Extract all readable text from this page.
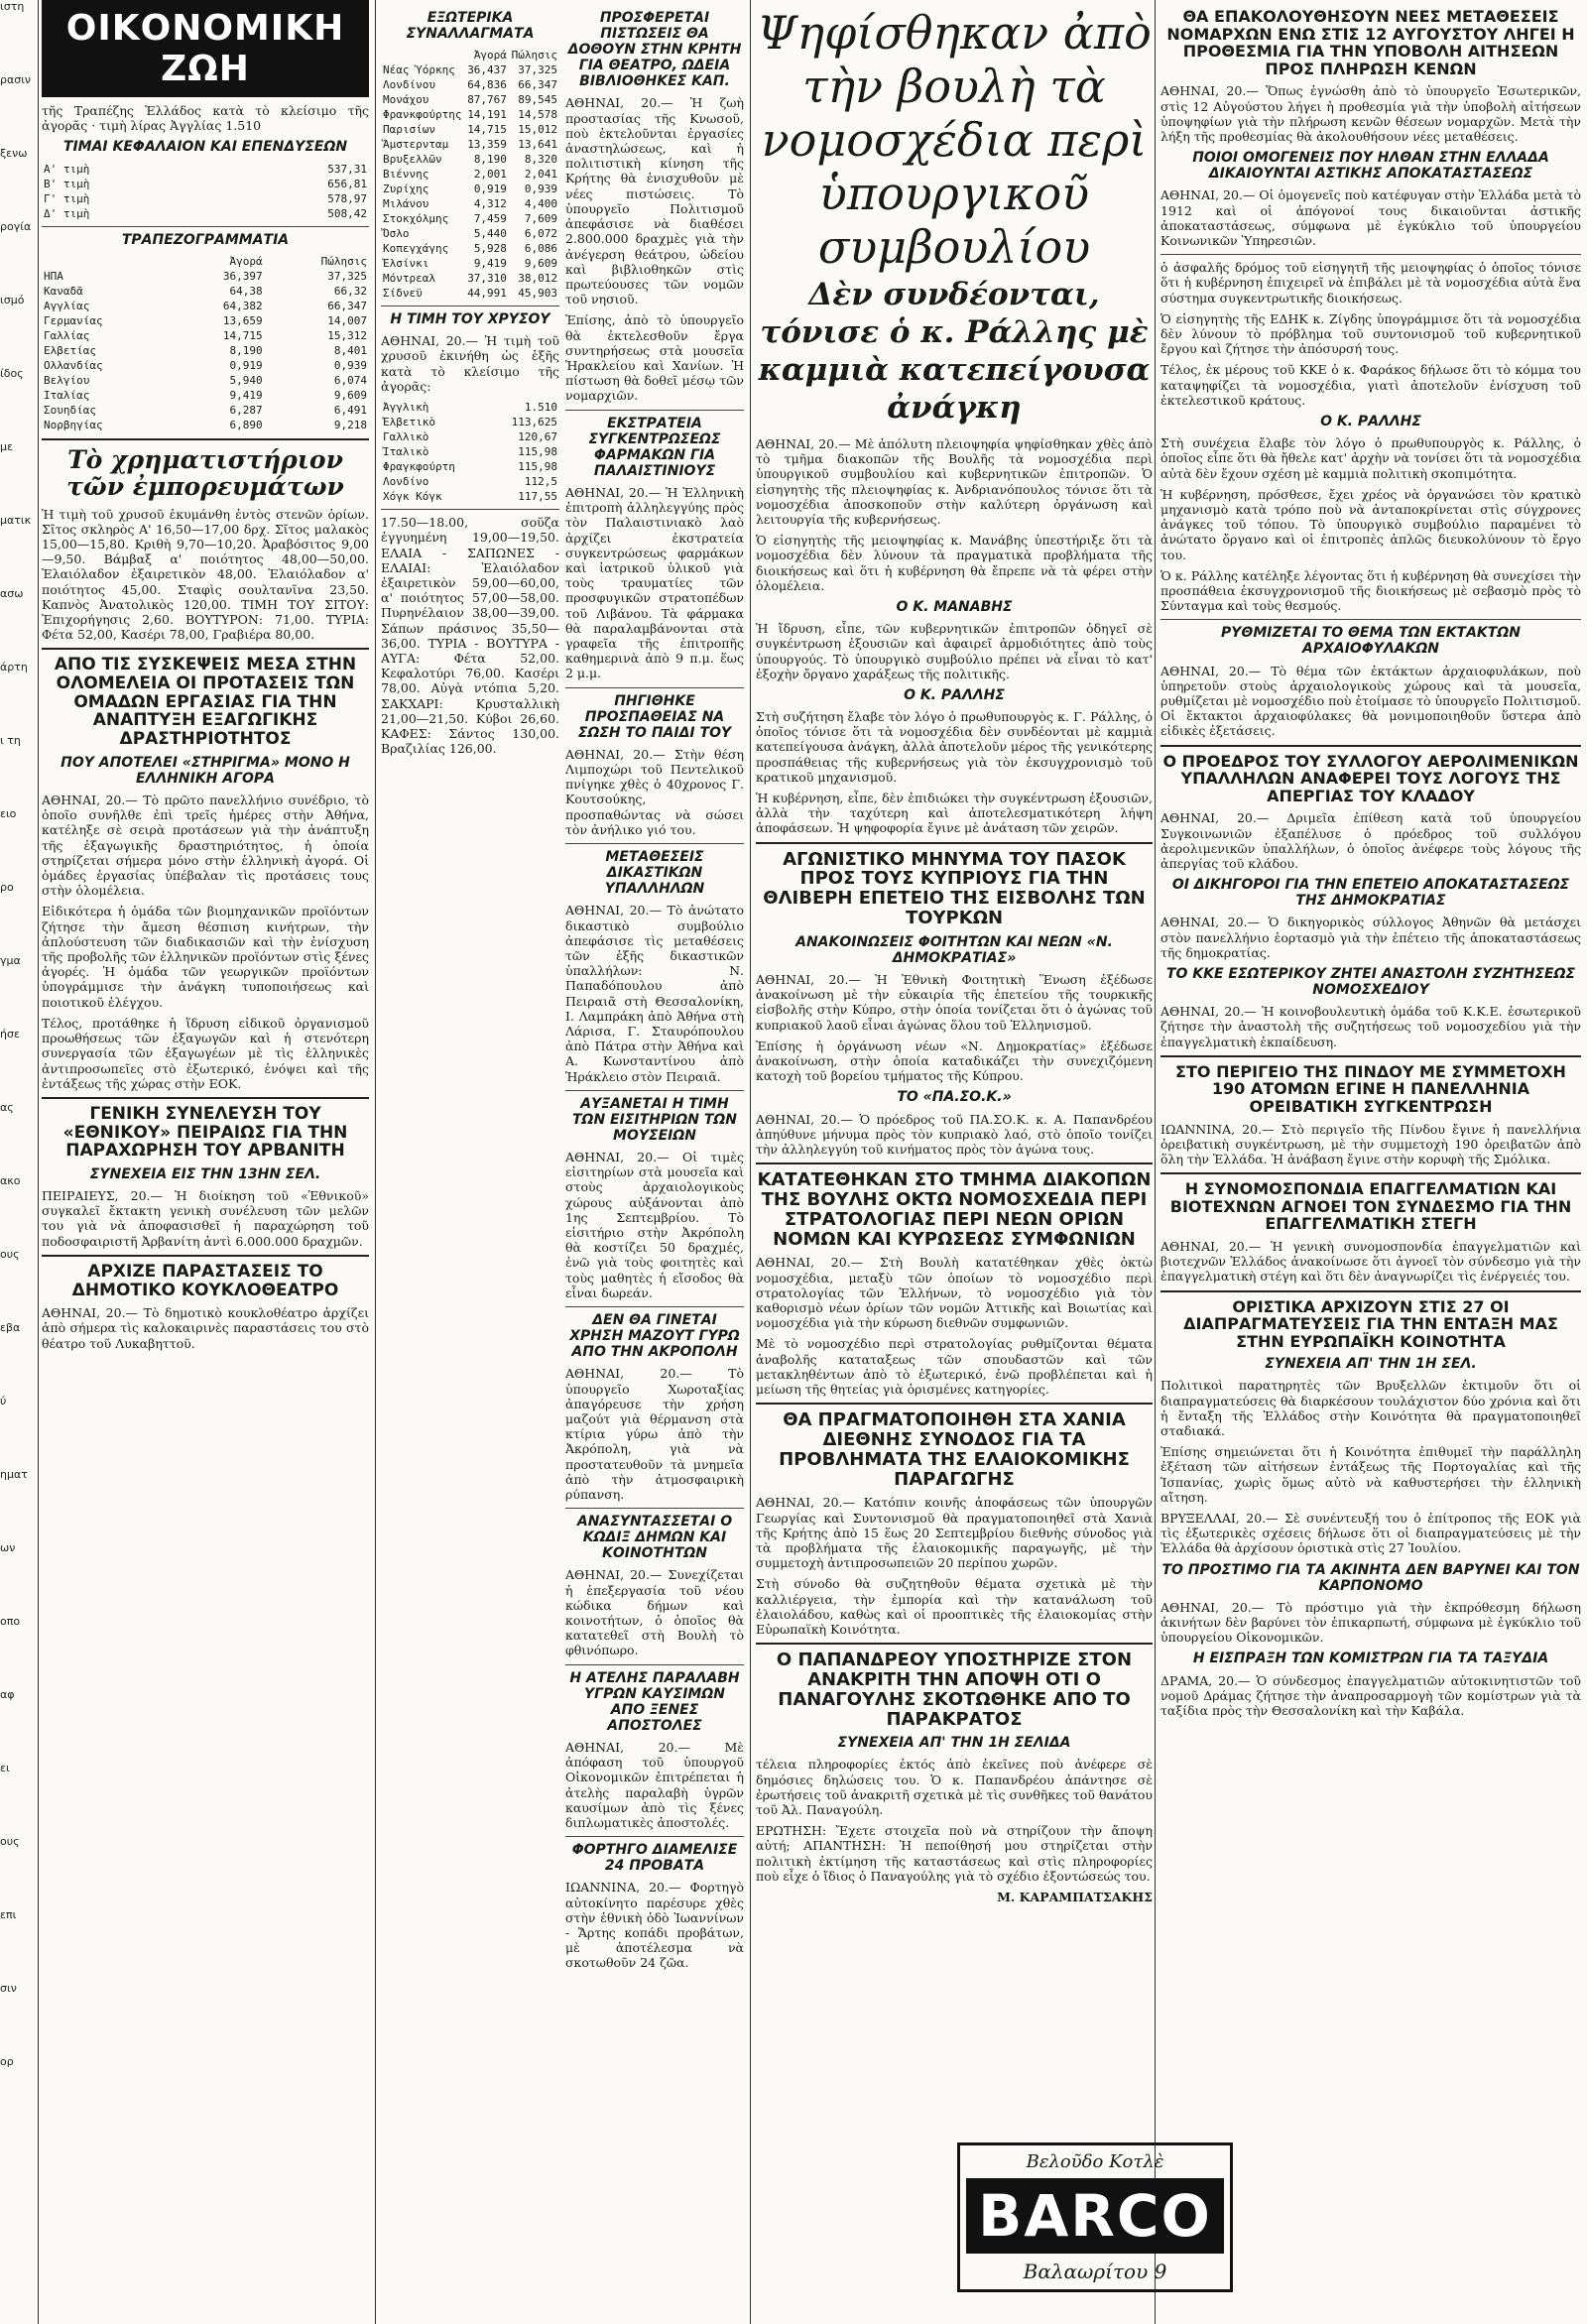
ιστη
ρασιν
ξενω
ρογία
ισμό
ίδος
με
ματικ
ασω
άρτη
ι τη
ειο
ρο
γμα
ήσε
ας
ακο
ους
εβα
ύ
ηματ
ων
οπο
αφ
ει
ους
επι
σιν
ορ
ΟΙΚΟΝΟΜΙΚΗ ΖΩΗ

τῆς Τραπέζης Ἑλλάδος κατὰ τὸ κλείσιμο τῆς ἀγορᾶς · τιμὴ λίρας Ἀγγλίας 1.510

ΤΙΜΑΙ ΚΕΦΑΛΑΙΟΝ ΚΑΙ ΕΠΕΝΔΥΣΕΩΝ
Α' τιμὴ	537,31
Β' τιμὴ	656,81
Γ' τιμὴ	578,97
Δ' τιμὴ	508,42
ΤΡΑΠΕΖΟΓΡΑΜΜΑΤΙΑ
	Ἀγορά	Πώλησις
ΗΠΑ	36,397	37,325
Καναδᾶ	64,38	66,32
Αγγλίας	64,382	66,347
Γερμανίας	13,659	14,007
Γαλλίας	14,715	15,312
Ελβετίας	8,190	8,401
Ολλανδίας	0,919	0,939
Βελγίου	5,940	6,074
Ιταλίας	9,419	9,609
Σουηδίας	6,287	6,491
Νορβηγίας	6,890	9,218
Τὸ χρηματιστήριον τῶν ἐμπορευμάτων

Ἡ τιμὴ τοῦ χρυσοῦ ἐκυμάνθη ἐντὸς στενῶν ὁρίων. Σῖτος σκληρὸς Α' 16,50—17,00 δρχ. Σῖτος μαλακὸς 15,00—15,80. Κριθὴ 9,70—10,20. Ἀραβόσιτος 9,00—9,50. Βάμβαξ α' ποιότητος 48,00—50,00. Ἐλαιόλαδον ἐξαιρετικὸν 48,00. Ἐλαιόλαδον α' ποιότητος 45,00. Σταφὶς σουλτανῖνα 23,50. Καπνὸς Ἀνατολικὸς 120,00. ΤΙΜΗ ΤΟΥ ΣΙΤΟΥ: Ἐπιχορήγησις 2,60. ΒΟΥΤΥΡΟΝ: 71,00. ΤΥΡΙΑ: Φέτα 52,00, Κασέρι 78,00, Γραβιέρα 80,00.

ΑΠΟ ΤΙΣ ΣΥΣΚΕΨΕΙΣ ΜΕΣΑ ΣΤΗΝ ΟΛΟΜΕΛΕΙΑ ΟΙ ΠΡΟΤΑΣΕΙΣ ΤΩΝ ΟΜΑΔΩΝ ΕΡΓΑΣΙΑΣ ΓΙΑ ΤΗΝ ΑΝΑΠΤΥΞΗ ΕΞΑΓΩΓΙΚΗΣ ΔΡΑΣΤΗΡΙΟΤΗΤΟΣ
ΠΟΥ ΑΠΟΤΕΛΕΙ «ΣΤΗΡΙΓΜΑ» ΜΟΝΟ Η ΕΛΛΗΝΙΚΗ ΑΓΟΡΑ

ΑΘΗΝΑΙ, 20.— Τὸ πρῶτο πανελλήνιο συνέδριο, τὸ ὁποῖο συνῆλθε ἐπὶ τρεῖς ἡμέρες στὴν Ἀθήνα, κατέληξε σὲ σειρὰ προτάσεων γιὰ τὴν ἀνάπτυξη τῆς ἐξαγωγικῆς δραστηριότητος, ἡ ὁποία στηρίζεται σήμερα μόνο στὴν ἑλληνικὴ ἀγορά. Οἱ ὁμάδες ἐργασίας ὑπέβαλαν τὶς προτάσεις τους στὴν ὁλομέλεια.

Εἰδικότερα ἡ ὁμάδα τῶν βιομηχανικῶν προϊόντων ζήτησε τὴν ἄμεση θέσπιση κινήτρων, τὴν ἀπλούστευση τῶν διαδικασιῶν καὶ τὴν ἐνίσχυση τῆς προβολῆς τῶν ἑλληνικῶν προϊόντων στὶς ξένες ἀγορές. Ἡ ὁμάδα τῶν γεωργικῶν προϊόντων ὑπογράμμισε τὴν ἀνάγκη τυποποιήσεως καὶ ποιοτικοῦ ἐλέγχου.

Τέλος, προτάθηκε ἡ ἵδρυση εἰδικοῦ ὀργανισμοῦ προωθήσεως τῶν ἐξαγωγῶν καὶ ἡ στενότερη συνεργασία τῶν ἐξαγωγέων μὲ τὶς ἑλληνικὲς ἀντιπροσωπεῖες στὸ ἐξωτερικό, ἐνόψει καὶ τῆς ἐντάξεως τῆς χώρας στὴν ΕΟΚ.

ΓΕΝΙΚΗ ΣΥΝΕΛΕΥΣΗ ΤΟΥ «ΕΘΝΙΚΟΥ» ΠΕΙΡΑΙΩΣ ΓΙΑ ΤΗΝ ΠΑΡΑΧΩΡΗΣΗ ΤΟΥ ΑΡΒΑΝΙΤΗ
ΣΥΝΕΧΕΙΑ ΕΙΣ ΤΗΝ 13ΗΝ ΣΕΛ.

ΠΕΙΡΑΙΕΥΣ, 20.— Ἡ διοίκηση τοῦ «Ἐθνικοῦ» συγκαλεῖ ἔκτακτη γενικὴ συνέλευση τῶν μελῶν του γιὰ νὰ ἀποφασισθεῖ ἡ παραχώρηση τοῦ ποδοσφαιριστῆ Ἀρβανίτη ἀντὶ 6.000.000 δραχμῶν.

ΑΡΧΙΖΕ ΠΑΡΑΣΤΑΣΕΙΣ ΤΟ ΔΗΜΟΤΙΚΟ ΚΟΥΚΛΟΘΕΑΤΡΟ

ΑΘΗΝΑΙ, 20.— Τὸ δημοτικὸ κουκλοθέατρο ἀρχίζει ἀπὸ σήμερα τὶς καλοκαιρινὲς παραστάσεις του στὸ θέατρο τοῦ Λυκαβηττοῦ.

ΕΞΩΤΕΡΙΚΑ ΣΥΝΑΛΛΑΓΜΑΤΑ
	Ἀγορά	Πώλησις
Νέας Ὑόρκης	36,437	37,325
Λονδίνου	64,836	66,347
Μονάχου	87,767	89,545
Φρανκφούρτης	14,191	14,578
Παρισίων	14,715	15,012
Ἄμστερνταμ	13,359	13,641
Βρυξελλῶν	8,190	8,320
Βιέννης	2,001	2,041
Ζυρίχης	0,919	0,939
Μιλάνου	4,312	4,400
Στοκχόλμης	7,459	7,609
Ὄσλο	5,440	6,072
Κοπεγχάγης	5,928	6,086
Ἑλσίνκι	9,419	9,609
Μόντρεαλ	37,310	38,012
Σίδνεϋ	44,991	45,903
Η ΤΙΜΗ ΤΟΥ ΧΡΥΣΟΥ

ΑΘΗΝΑΙ, 20.— Ἡ τιμὴ τοῦ χρυσοῦ ἐκινήθη ὡς ἑξῆς κατὰ τὸ κλείσιμο τῆς ἀγορᾶς:

Ἀγγλικὴ	1.510
Ἐλβετικὸ	113,625
Γαλλικὸ	120,67
Ἰταλικὸ	115,98
Φραγκφούρτη	115,98
Λονδίνο	112,5
Χόγκ Κόγκ	117,55

17.50—18.00, σοῦζα ἐγγυημένη 19,00—19,50. ΕΛΑΙΑ - ΣΑΠΩΝΕΣ - ΕΛΑΙΑΙ: Ἐλαιόλαδον ἐξαιρετικὸν 59,00—60,00, α' ποιότητος 57,00—58,00. Πυρηνέλαιον 38,00—39,00. Σάπων πράσινος 35,50—36,00. ΤΥΡΙΑ - ΒΟΥΤΥΡΑ - ΑΥΓΑ: Φέτα 52,00. Κεφαλοτύρι 76,00. Κασέρι 78,00. Αὐγὰ ντόπια 5,20. ΣΑΚΧΑΡΙ: Κρυσταλλικὴ 21,00—21,50. Κύβοι 26,60. ΚΑΦΕΣ: Σάντος 130,00. Βραζιλίας 126,00.

ΠΡΟΣΦΕΡΕΤΑΙ ΠΙΣΤΩΣΕΙΣ ΘΑ ΔΟΘΟΥΝ ΣΤΗΝ ΚΡΗΤΗ ΓΙΑ ΘΕΑΤΡΟ, ΩΔΕΙΑ ΒΙΒΛΙΟΘΗΚΕΣ ΚΑΠ.

ΑΘΗΝΑΙ, 20.— Ἡ ζωὴ προστασίας τῆς Κνωσοῦ, ποὺ ἐκτελοῦνται ἐργασίες ἀναστηλώσεως, καὶ ἡ πολιτιστικὴ κίνηση τῆς Κρήτης θὰ ἐνισχυθοῦν μὲ νέες πιστώσεις. Τὸ ὑπουργεῖο Πολιτισμοῦ ἀπεφάσισε νὰ διαθέσει 2.800.000 δραχμὲς γιὰ τὴν ἀνέγερση θεάτρου, ὠδείου καὶ βιβλιοθηκῶν στὶς πρωτεύουσες τῶν νομῶν τοῦ νησιοῦ.

Ἐπίσης, ἀπὸ τὸ ὑπουργεῖο θὰ ἐκτελεσθοῦν ἔργα συντηρήσεως στὰ μουσεῖα Ἡρακλείου καὶ Χανίων. Ἡ πίστωση θὰ δοθεῖ μέσῳ τῶν νομαρχιῶν.

ΕΚΣΤΡΑΤΕΙΑ ΣΥΓΚΕΝΤΡΩΣΕΩΣ ΦΑΡΜΑΚΩΝ ΓΙΑ ΠΑΛΑΙΣΤΙΝΙΟΥΣ

ΑΘΗΝΑΙ, 20.— Ἡ Ἑλληνικὴ ἐπιτροπὴ ἀλληλεγγύης πρὸς τὸν Παλαιστινιακὸ λαὸ ἀρχίζει ἐκστρατεία συγκεντρώσεως φαρμάκων καὶ ἰατρικοῦ ὑλικοῦ γιὰ τοὺς τραυματίες τῶν προσφυγικῶν στρατοπέδων τοῦ Λιβάνου. Τὰ φάρμακα θὰ παραλαμβάνονται στὰ γραφεῖα τῆς ἐπιτροπῆς καθημερινὰ ἀπὸ 9 π.μ. ἕως 2 μ.μ.

ΠΗΓΙΘΗΚΕ ΠΡΟΣΠΑΘΕΙΑΣ ΝΑ ΣΩΣΗ ΤΟ ΠΑΙΔΙ ΤΟΥ

ΑΘΗΝΑΙ, 20.— Στὴν θέση Λιμποχώρι τοῦ Πεντελικοῦ πνίγηκε χθὲς ὁ 40χρονος Γ. Κουτσούκης, προσπαθώντας νὰ σώσει τὸν ἀνήλικο γιό του.

ΜΕΤΑΘΕΣΕΙΣ ΔΙΚΑΣΤΙΚΩΝ ΥΠΑΛΛΗΛΩΝ

ΑΘΗΝΑΙ, 20.— Τὸ ἀνώτατο δικαστικὸ συμβούλιο ἀπεφάσισε τὶς μεταθέσεις τῶν ἑξῆς δικαστικῶν ὑπαλλήλων: Ν. Παπαδόπουλου ἀπὸ Πειραιᾶ στὴ Θεσσαλονίκη, Ι. Λαμπράκη ἀπὸ Ἀθήνα στὴ Λάρισα, Γ. Σταυρόπουλου ἀπὸ Πάτρα στὴν Ἀθήνα καὶ Α. Κωνσταντίνου ἀπὸ Ἡράκλειο στὸν Πειραιᾶ.

ΑΥΞΑΝΕΤΑΙ Η ΤΙΜΗ ΤΩΝ ΕΙΣΙΤΗΡΙΩΝ ΤΩΝ ΜΟΥΣΕΙΩΝ

ΑΘΗΝΑΙ, 20.— Οἱ τιμὲς εἰσιτηρίων στὰ μουσεῖα καὶ στοὺς ἀρχαιολογικοὺς χώρους αὐξάνονται ἀπὸ 1ης Σεπτεμβρίου. Τὸ εἰσιτήριο στὴν Ἀκρόπολη θὰ κοστίζει 50 δραχμές, ἐνῶ γιὰ τοὺς φοιτητὲς καὶ τοὺς μαθητὲς ἡ εἴσοδος θὰ εἶναι δωρεάν.

ΔΕΝ ΘΑ ΓΙΝΕΤΑΙ ΧΡΗΣΗ ΜΑΖΟΥΤ ΓΥΡΩ ΑΠΟ ΤΗΝ ΑΚΡΟΠΟΛΗ

ΑΘΗΝΑΙ, 20.— Τὸ ὑπουργεῖο Χωροταξίας ἀπαγόρευσε τὴν χρήση μαζούτ γιὰ θέρμανση στὰ κτίρια γύρω ἀπὸ τὴν Ἀκρόπολη, γιὰ νὰ προστατευθοῦν τὰ μνημεῖα ἀπὸ τὴν ἀτμοσφαιρικὴ ρύπανση.

ΑΝΑΣΥΝΤΑΣΣΕΤΑΙ Ο ΚΩΔΙΞ ΔΗΜΩΝ ΚΑΙ ΚΟΙΝΟΤΗΤΩΝ

ΑΘΗΝΑΙ, 20.— Συνεχίζεται ἡ ἐπεξεργασία τοῦ νέου κώδικα δήμων καὶ κοινοτήτων, ὁ ὁποῖος θὰ κατατεθεῖ στὴ Βουλὴ τὸ φθινόπωρο.

Η ΑΤΕΛΗΣ ΠΑΡΑΛΑΒΗ ΥΓΡΩΝ ΚΑΥΣΙΜΩΝ ΑΠΟ ΞΕΝΕΣ ΑΠΟΣΤΟΛΕΣ

ΑΘΗΝΑΙ, 20.— Μὲ ἀπόφαση τοῦ ὑπουργοῦ Οἰκονομικῶν ἐπιτρέπεται ἡ ἀτελὴς παραλαβὴ ὑγρῶν καυσίμων ἀπὸ τὶς ξένες διπλωματικὲς ἀποστολές.

ΦΟΡΤΗΓΟ ΔΙΑΜΕΛΙΣΕ 24 ΠΡΟΒΑΤΑ

ΙΩΑΝΝΙΝΑ, 20.— Φορτηγὸ αὐτοκίνητο παρέσυρε χθὲς στὴν ἐθνικὴ ὁδὸ Ἰωαννίνων - Ἄρτης κοπάδι προβάτων, μὲ ἀποτέλεσμα νὰ σκοτωθοῦν 24 ζῶα.

Ψηφίσθηκαν ἀπὸ τὴν βουλὴ τὰ νομοσχέδια περὶ ὑπουργικοῦ συμβουλίου
Δὲν συνδέονται, τόνισε ὁ κ. Ράλλης μὲ καμμιὰ κατεπείγουσα ἀνάγκη

ΑΘΗΝΑΙ, 20.— Μὲ ἀπόλυτη πλειοψηφία ψηφίσθηκαν χθὲς ἀπὸ τὸ τμῆμα διακοπῶν τῆς Βουλῆς τὰ νομοσχέδια περὶ ὑπουργικοῦ συμβουλίου καὶ κυβερνητικῶν ἐπιτροπῶν. Ὁ εἰσηγητὴς τῆς πλειοψηφίας κ. Ἀνδριανόπουλος τόνισε ὅτι τὰ νομοσχέδια ἀποσκοποῦν στὴν καλύτερη ὀργάνωση καὶ λειτουργία τῆς κυβερνήσεως.

Ὁ εἰσηγητὴς τῆς μειοψηφίας κ. Μανάβης ὑπεστήριξε ὅτι τὰ νομοσχέδια δὲν λύνουν τὰ πραγματικὰ προβλήματα τῆς διοικήσεως καὶ ὅτι ἡ κυβέρνηση θὰ ἔπρεπε νὰ τὰ φέρει στὴν ὁλομέλεια.

Ο Κ. ΜΑΝΑΒΗΣ

Ἡ ἴδρυση, εἶπε, τῶν κυβερνητικῶν ἐπιτροπῶν ὁδηγεῖ σὲ συγκέντρωση ἐξουσιῶν καὶ ἀφαιρεῖ ἀρμοδιότητες ἀπὸ τοὺς ὑπουργούς. Τὸ ὑπουργικὸ συμβούλιο πρέπει νὰ εἶναι τὸ κατ' ἐξοχὴν ὄργανο χαράξεως τῆς πολιτικῆς.

Ο Κ. ΡΑΛΛΗΣ

Στὴ συζήτηση ἔλαβε τὸν λόγο ὁ πρωθυπουργὸς κ. Γ. Ράλλης, ὁ ὁποῖος τόνισε ὅτι τὰ νομοσχέδια δὲν συνδέονται μὲ καμμιὰ κατεπείγουσα ἀνάγκη, ἀλλὰ ἀποτελοῦν μέρος τῆς γενικότερης προσπάθειας τῆς κυβερνήσεως γιὰ τὸν ἐκσυγχρονισμὸ τοῦ κρατικοῦ μηχανισμοῦ.

Ἡ κυβέρνηση, εἶπε, δὲν ἐπιδιώκει τὴν συγκέντρωση ἐξουσιῶν, ἀλλὰ τὴν ταχύτερη καὶ ἀποτελεσματικότερη λήψη ἀποφάσεων. Ἡ ψηφοφορία ἔγινε μὲ ἀνάταση τῶν χειρῶν.

ΑΓΩΝΙΣΤΙΚΟ ΜΗΝΥΜΑ ΤΟΥ ΠΑΣΟΚ ΠΡΟΣ ΤΟΥΣ ΚΥΠΡΙΟΥΣ ΓΙΑ ΤΗΝ ΘΛΙΒΕΡΗ ΕΠΕΤΕΙΟ ΤΗΣ ΕΙΣΒΟΛΗΣ ΤΩΝ ΤΟΥΡΚΩΝ
ΑΝΑΚΟΙΝΩΣΕΙΣ ΦΟΙΤΗΤΩΝ ΚΑΙ ΝΕΩΝ «Ν. ΔΗΜΟΚΡΑΤΙΑΣ»

ΑΘΗΝΑΙ, 20.— Ἡ Ἐθνικὴ Φοιτητικὴ Ἕνωση ἐξέδωσε ἀνακοίνωση μὲ τὴν εὐκαιρία τῆς ἐπετείου τῆς τουρκικῆς εἰσβολῆς στὴν Κύπρο, στὴν ὁποία τονίζεται ὅτι ὁ ἀγώνας τοῦ κυπριακοῦ λαοῦ εἶναι ἀγώνας ὅλου τοῦ Ἑλληνισμοῦ.

Ἐπίσης ἡ ὀργάνωση νέων «Ν. Δημοκρατίας» ἐξέδωσε ἀνακοίνωση, στὴν ὁποία καταδικάζει τὴν συνεχιζόμενη κατοχὴ τοῦ βορείου τμήματος τῆς Κύπρου.

ΤΟ «ΠΑ.ΣΟ.Κ.»

ΑΘΗΝΑΙ, 20.— Ὁ πρόεδρος τοῦ ΠΑ.ΣΟ.Κ. κ. Α. Παπανδρέου ἀπηύθυνε μήνυμα πρὸς τὸν κυπριακὸ λαό, στὸ ὁποῖο τονίζει τὴν ἀλληλεγγύη τοῦ κινήματος πρὸς τὸν ἀγώνα τους.

ΚΑΤΑΤΕΘΗΚΑΝ ΣΤΟ ΤΜΗΜΑ ΔΙΑΚΟΠΩΝ ΤΗΣ ΒΟΥΛΗΣ ΟΚΤΩ ΝΟΜΟΣΧΕΔΙΑ ΠΕΡΙ ΣΤΡΑΤΟΛΟΓΙΑΣ ΠΕΡΙ ΝΕΩΝ ΟΡΙΩΝ ΝΟΜΩΝ ΚΑΙ ΚΥΡΩΣΕΩΣ ΣΥΜΦΩΝΙΩΝ

ΑΘΗΝΑΙ, 20.— Στὴ Βουλὴ κατατέθηκαν χθὲς ὀκτὼ νομοσχέδια, μεταξὺ τῶν ὁποίων τὸ νομοσχέδιο περὶ στρατολογίας τῶν Ἑλλήνων, τὸ νομοσχέδιο γιὰ τὸν καθορισμὸ νέων ὁρίων τῶν νομῶν Ἀττικῆς καὶ Βοιωτίας καὶ νομοσχέδια γιὰ τὴν κύρωση διεθνῶν συμφωνιῶν.

Μὲ τὸ νομοσχέδιο περὶ στρατολογίας ρυθμίζονται θέματα ἀναβολῆς καταταξεως τῶν σπουδαστῶν καὶ τῶν μετακληθέντων ἀπὸ τὸ ἐξωτερικό, ἐνῶ προβλέπεται καὶ ἡ μείωση τῆς θητείας γιὰ ὁρισμένες κατηγορίες.

ΘΑ ΠΡΑΓΜΑΤΟΠΟΙΗΘΗ ΣΤΑ ΧΑΝΙΑ ΔΙΕΘΝΗΣ ΣΥΝΟΔΟΣ ΓΙΑ ΤΑ ΠΡΟΒΛΗΜΑΤΑ ΤΗΣ ΕΛΑΙΟΚΟΜΙΚΗΣ ΠΑΡΑΓΩΓΗΣ

ΑΘΗΝΑΙ, 20.— Κατόπιν κοινῆς ἀποφάσεως τῶν ὑπουργῶν Γεωργίας καὶ Συντονισμοῦ θὰ πραγματοποιηθεῖ στὰ Χανιὰ τῆς Κρήτης ἀπὸ 15 ἕως 20 Σεπτεμβρίου διεθνὴς σύνοδος γιὰ τὰ προβλήματα τῆς ἐλαιοκομικῆς παραγωγῆς, μὲ τὴν συμμετοχὴ ἀντιπροσωπειῶν 20 περίπου χωρῶν.

Στὴ σύνοδο θὰ συζητηθοῦν θέματα σχετικὰ μὲ τὴν καλλιέργεια, τὴν ἐμπορία καὶ τὴν κατανάλωση τοῦ ἐλαιολάδου, καθὼς καὶ οἱ προοπτικὲς τῆς ἐλαιοκομίας στὴν Εὐρωπαϊκὴ Κοινότητα.

Ο ΠΑΠΑΝΔΡΕΟΥ ΥΠΟΣΤΗΡΙΖΕ ΣΤΟΝ ΑΝΑΚΡΙΤΗ ΤΗΝ ΑΠΟΨΗ ΟΤΙ Ο ΠΑΝΑΓΟΥΛΗΣ ΣΚΟΤΩΘΗΚΕ ΑΠΟ ΤΟ ΠΑΡΑΚΡΑΤΟΣ
ΣΥΝΕΧΕΙΑ ΑΠ' ΤΗΝ 1Η ΣΕΛΙΔΑ

τέλεια πληροφορίες ἐκτός ἀπὸ ἐκεῖνες ποὺ ἀνέφερε σὲ δημόσιες δηλώσεις του. Ὁ κ. Παπανδρέου ἀπάντησε σὲ ἐρωτήσεις τοῦ ἀνακριτῆ σχετικὰ μὲ τὶς συνθῆκες τοῦ θανάτου τοῦ Ἀλ. Παναγούλη.

ΕΡΩΤΗΣΗ: Ἔχετε στοιχεῖα ποὺ νὰ στηρίζουν τὴν ἄποψη αὐτή; ΑΠΑΝΤΗΣΗ: Ἡ πεποίθησή μου στηρίζεται στὴν πολιτικὴ ἐκτίμηση τῆς καταστάσεως καὶ στὶς πληροφορίες ποὺ εἶχε ὁ ἴδιος ὁ Παναγούλης γιὰ τὸ σχέδιο ἐξοντώσεώς του.

Μ. ΚΑΡΑΜΠΑΤΣΑΚΗΣ
ΘΑ ΕΠΑΚΟΛΟΥΘΗΣΟΥΝ ΝΕΕΣ ΜΕΤΑΘΕΣΕΙΣ ΝΟΜΑΡΧΩΝ ΕΝΩ ΣΤΙΣ 12 ΑΥΓΟΥΣΤΟΥ ΛΗΓΕΙ Η ΠΡΟΘΕΣΜΙΑ ΓΙΑ ΤΗΝ ΥΠΟΒΟΛΗ ΑΙΤΗΣΕΩΝ ΠΡΟΣ ΠΛΗΡΩΣΗ ΚΕΝΩΝ

ΑΘΗΝΑΙ, 20.— Ὅπως ἐγνώσθη ἀπὸ τὸ ὑπουργεῖο Ἐσωτερικῶν, στὶς 12 Αὐγούστου λήγει ἡ προθεσμία γιὰ τὴν ὑποβολὴ αἰτήσεων ὑποψηφίων γιὰ τὴν πλήρωση κενῶν θέσεων νομαρχῶν. Μετὰ τὴν λήξη τῆς προθεσμίας θὰ ἀκολουθήσουν νέες μεταθέσεις.

ΠΟΙΟΙ ΟΜΟΓΕΝΕΙΣ ΠΟΥ ΗΛΘΑΝ ΣΤΗΝ ΕΛΛΑΔΑ ΔΙΚΑΙΟΥΝΤΑΙ ΑΣΤΙΚΗΣ ΑΠΟΚΑΤΑΣΤΑΣΕΩΣ

ΑΘΗΝΑΙ, 20.— Οἱ ὁμογενεῖς ποὺ κατέφυγαν στὴν Ἑλλάδα μετὰ τὸ 1912 καὶ οἱ ἀπόγονοί τους δικαιοῦνται ἀστικῆς ἀποκαταστάσεως, σύμφωνα μὲ ἐγκύκλιο τοῦ ὑπουργείου Κοινωνικῶν Ὑπηρεσιῶν.

ὁ ἀσφαλῆς δρόμος τοῦ εἰσηγητῆ τῆς μειοψηφίας ὁ ὁποῖος τόνισε ὅτι ἡ κυβέρνηση ἐπιχειρεῖ νὰ ἐπιβάλει μὲ τὰ νομοσχέδια αὐτὰ ἕνα σύστημα συγκεντρωτικῆς διοικήσεως.

Ὁ εἰσηγητὴς τῆς ΕΔΗΚ κ. Ζίγδης ὑπογράμμισε ὅτι τὰ νομοσχέδια δὲν λύνουν τὸ πρόβλημα τοῦ συντονισμοῦ τοῦ κυβερνητικοῦ ἔργου καὶ ζήτησε τὴν ἀπόσυρσή τους.

Τέλος, ἐκ μέρους τοῦ ΚΚΕ ὁ κ. Φαράκος δήλωσε ὅτι τὸ κόμμα του καταψηφίζει τὰ νομοσχέδια, γιατὶ ἀποτελοῦν ἐνίσχυση τοῦ ἐκτελεστικοῦ κράτους.

Ο Κ. ΡΑΛΛΗΣ

Στὴ συνέχεια ἔλαβε τὸν λόγο ὁ πρωθυπουργὸς κ. Ράλλης, ὁ ὁποῖος εἶπε ὅτι θὰ ἤθελε κατ' ἀρχὴν νὰ τονίσει ὅτι τὰ νομοσχέδια αὐτὰ δὲν ἔχουν σχέση μὲ καμμιὰ πολιτικὴ σκοπιμότητα.

Ἡ κυβέρνηση, πρόσθεσε, ἔχει χρέος νὰ ὀργανώσει τὸν κρατικὸ μηχανισμὸ κατὰ τρόπο ποὺ νὰ ἀνταποκρίνεται στὶς σύγχρονες ἀνάγκες τοῦ τόπου. Τὸ ὑπουργικὸ συμβούλιο παραμένει τὸ ἀνώτατο ὄργανο καὶ οἱ ἐπιτροπὲς ἁπλῶς διευκολύνουν τὸ ἔργο του.

Ὁ κ. Ράλλης κατέληξε λέγοντας ὅτι ἡ κυβέρνηση θὰ συνεχίσει τὴν προσπάθεια ἐκσυγχρονισμοῦ τῆς διοικήσεως μὲ σεβασμὸ πρὸς τὸ Σύνταγμα καὶ τοὺς θεσμούς.

ΡΥΘΜΙΖΕΤΑΙ ΤΟ ΘΕΜΑ ΤΩΝ ΕΚΤΑΚΤΩΝ ΑΡΧΑΙΟΦΥΛΑΚΩΝ

ΑΘΗΝΑΙ, 20.— Τὸ θέμα τῶν ἐκτάκτων ἀρχαιοφυλάκων, ποὺ ὑπηρετοῦν στοὺς ἀρχαιολογικοὺς χώρους καὶ τὰ μουσεῖα, ρυθμίζεται μὲ νομοσχέδιο ποὺ ἑτοίμασε τὸ ὑπουργεῖο Πολιτισμοῦ. Οἱ ἔκτακτοι ἀρχαιοφύλακες θὰ μονιμοποιηθοῦν ὕστερα ἀπὸ εἰδικὲς ἐξετάσεις.

Ο ΠΡΟΕΔΡΟΣ ΤΟΥ ΣΥΛΛΟΓΟΥ ΑΕΡΟΛΙΜΕΝΙΚΩΝ ΥΠΑΛΛΗΛΩΝ ΑΝΑΦΕΡΕΙ ΤΟΥΣ ΛΟΓΟΥΣ ΤΗΣ ΑΠΕΡΓΙΑΣ ΤΟΥ ΚΛΑΔΟΥ

ΑΘΗΝΑΙ, 20.— Δριμεῖα ἐπίθεση κατὰ τοῦ ὑπουργείου Συγκοινωνιῶν ἐξαπέλυσε ὁ πρόεδρος τοῦ συλλόγου ἀερολιμενικῶν ὑπαλλήλων, ὁ ὁποῖος ἀνέφερε τοὺς λόγους τῆς ἀπεργίας τοῦ κλάδου.

ΟΙ ΔΙΚΗΓΟΡΟΙ ΓΙΑ ΤΗΝ ΕΠΕΤΕΙΟ ΑΠΟΚΑΤΑΣΤΑΣΕΩΣ ΤΗΣ ΔΗΜΟΚΡΑΤΙΑΣ

ΑΘΗΝΑΙ, 20.— Ὁ δικηγορικὸς σύλλογος Ἀθηνῶν θὰ μετάσχει στὸν πανελλήνιο ἑορτασμὸ γιὰ τὴν ἐπέτειο τῆς ἀποκαταστάσεως τῆς δημοκρατίας.

ΤΟ ΚΚΕ ΕΣΩΤΕΡΙΚΟΥ ΖΗΤΕΙ ΑΝΑΣΤΟΛΗ ΣΥΖΗΤΗΣΕΩΣ ΝΟΜΟΣΧΕΔΙΟΥ

ΑΘΗΝΑΙ, 20.— Ἡ κοινοβουλευτικὴ ὁμάδα τοῦ Κ.Κ.Ε. ἐσωτερικοῦ ζήτησε τὴν ἀναστολὴ τῆς συζητήσεως τοῦ νομοσχεδίου γιὰ τὴν ἐπαγγελματικὴ ἐκπαίδευση.

ΣΤΟ ΠΕΡΙΓΕΙΟ ΤΗΣ ΠΙΝΔΟΥ ΜΕ ΣΥΜΜΕΤΟΧΗ 190 ΑΤΟΜΩΝ ΕΓΙΝΕ Η ΠΑΝΕΛΛΗΝΙΑ ΟΡΕΙΒΑΤΙΚΗ ΣΥΓΚΕΝΤΡΩΣΗ

ΙΩΑΝΝΙΝΑ, 20.— Στὸ περιγεῖο τῆς Πίνδου ἔγινε ἡ πανελλήνια ὀρειβατικὴ συγκέντρωση, μὲ τὴν συμμετοχὴ 190 ὀρειβατῶν ἀπὸ ὅλη τὴν Ἑλλάδα. Ἡ ἀνάβαση ἔγινε στὴν κορυφὴ τῆς Σμόλικα.

Η ΣΥΝΟΜΟΣΠΟΝΔΙΑ ΕΠΑΓΓΕΛΜΑΤΙΩΝ ΚΑΙ ΒΙΟΤΕΧΝΩΝ ΑΓΝΟΕΙ ΤΟΝ ΣΥΝΔΕΣΜΟ ΓΙΑ ΤΗΝ ΕΠΑΓΓΕΛΜΑΤΙΚΗ ΣΤΕΓΗ

ΑΘΗΝΑΙ, 20.— Ἡ γενικὴ συνομοσπονδία ἐπαγγελματιῶν καὶ βιοτεχνῶν Ἑλλάδος ἀνακοίνωσε ὅτι ἀγνοεῖ τὸν σύνδεσμο γιὰ τὴν ἐπαγγελματικὴ στέγη καὶ ὅτι δὲν ἀναγνωρίζει τὶς ἐνέργειές του.

ΟΡΙΣΤΙΚΑ ΑΡΧΙΖΟΥΝ ΣΤΙΣ 27 ΟΙ ΔΙΑΠΡΑΓΜΑΤΕΥΣΕΙΣ ΓΙΑ ΤΗΝ ΕΝΤΑΞΗ ΜΑΣ ΣΤΗΝ ΕΥΡΩΠΑΪΚΗ ΚΟΙΝΟΤΗΤΑ
ΣΥΝΕΧΕΙΑ ΑΠ' ΤΗΝ 1Η ΣΕΛ.

Πολιτικοὶ παρατηρητὲς τῶν Βρυξελλῶν ἐκτιμοῦν ὅτι οἱ διαπραγματεύσεις θὰ διαρκέσουν τουλάχιστον δύο χρόνια καὶ ὅτι ἡ ἔνταξη τῆς Ἑλλάδος στὴν Κοινότητα θὰ πραγματοποιηθεῖ σταδιακά.

Ἐπίσης σημειώνεται ὅτι ἡ Κοινότητα ἐπιθυμεῖ τὴν παράλληλη ἐξέταση τῶν αἰτήσεων ἐντάξεως τῆς Πορτογαλίας καὶ τῆς Ἱσπανίας, χωρὶς ὅμως αὐτὸ νὰ καθυστερήσει τὴν ἑλληνικὴ αἴτηση.

ΒΡΥΞΕΛΛΑΙ, 20.— Σὲ συνέντευξή του ὁ ἐπίτροπος τῆς ΕΟΚ γιὰ τὶς ἐξωτερικὲς σχέσεις δήλωσε ὅτι οἱ διαπραγματεύσεις μὲ τὴν Ἑλλάδα θὰ ἀρχίσουν ὁριστικὰ στὶς 27 Ἰουλίου.

ΤΟ ΠΡΟΣΤΙΜΟ ΓΙΑ ΤΑ ΑΚΙΝΗΤΑ ΔΕΝ ΒΑΡΥΝΕΙ ΚΑΙ ΤΟΝ ΚΑΡΠΟΝΟΜΟ

ΑΘΗΝΑΙ, 20.— Τὸ πρόστιμο γιὰ τὴν ἐκπρόθεσμη δήλωση ἀκινήτων δὲν βαρύνει τὸν ἐπικαρπωτή, σύμφωνα μὲ ἐγκύκλιο τοῦ ὑπουργείου Οἰκονομικῶν.

Η ΕΙΣΠΡΑΞΗ ΤΩΝ ΚΟΜΙΣΤΡΩΝ ΓΙΑ ΤΑ ΤΑΞΥΔΙΑ

ΔΡΑΜΑ, 20.— Ὁ σύνδεσμος ἐπαγγελματιῶν αὐτοκινητιστῶν τοῦ νομοῦ Δράμας ζήτησε τὴν ἀναπροσαρμογὴ τῶν κομίστρων γιὰ τὰ ταξίδια πρὸς τὴν Θεσσαλονίκη καὶ τὴν Καβάλα.

Βελοῦδο Κοτλὲ
BARCO
Βαλαωρίτου 9
